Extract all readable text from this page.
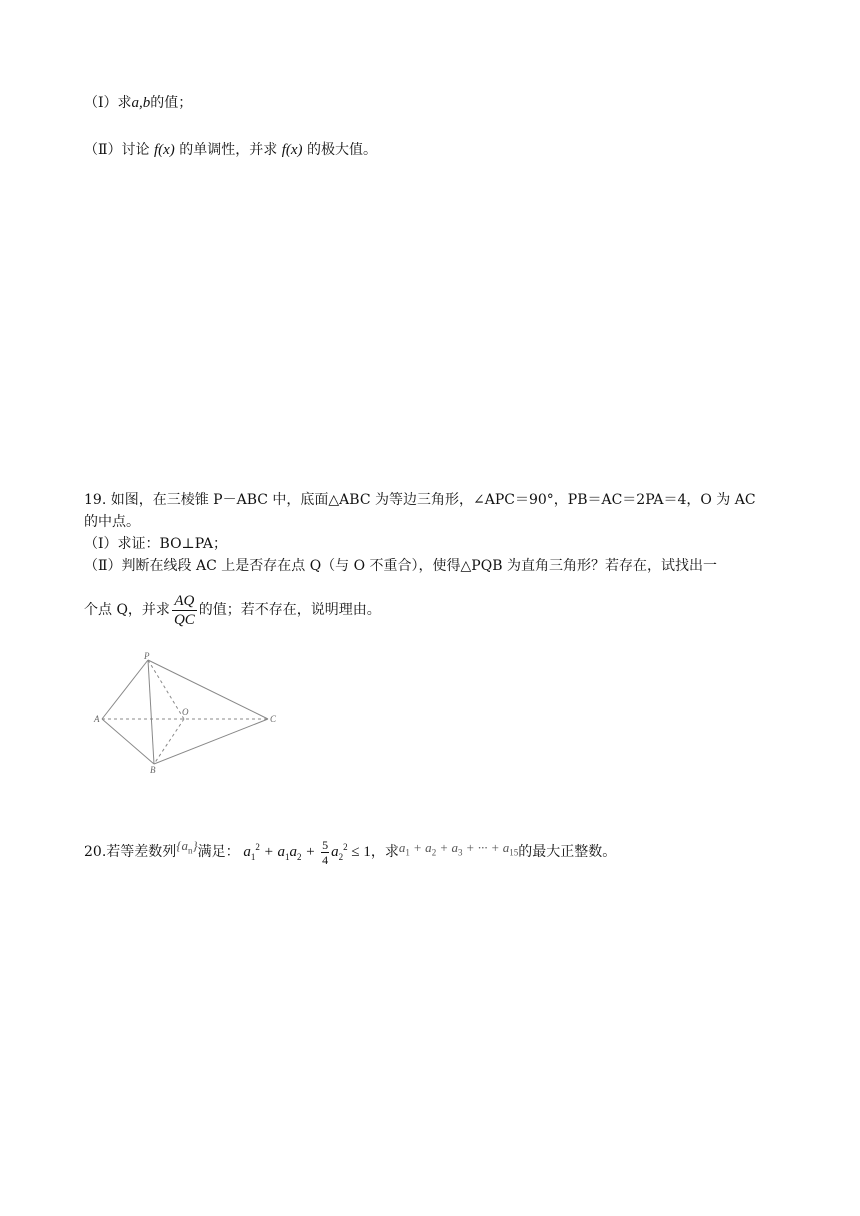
（Ⅰ）求a,b的值；
（Ⅱ）讨论 f(x) 的单调性，并求 f(x) 的极大值。
19. 如图，在三棱锥 P－ABC 中，底面△ABC 为等边三角形，∠APC＝90°，PB＝AC＝2PA＝4，O 为 AC
的中点。
（Ⅰ）求证：BO⊥PA；
（Ⅱ）判断在线段 AC 上是否存在点 Q（与 O 不重合），使得△PQB 为直角三角形？若存在，试找出一
个点 Q，并求 $\frac{AQ}{QC}$ 的值；若不存在，说明理由。
P
A
B
C
O
20.若等差数列$\{a_n\}$满足： $a_1^2 + a_1a_2 + \frac{5}{4} a_2^2 \le 1$，求$a_1 + a_2 + a_3$ + ··· + $a_{15}$的最大正整数。
